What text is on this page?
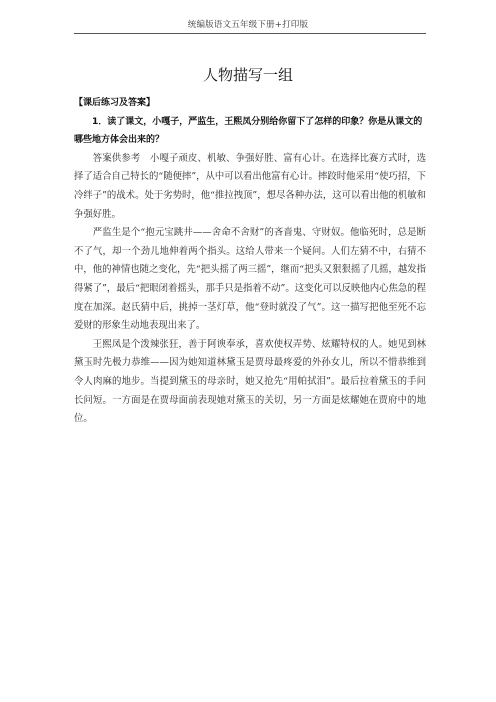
统编版语文五年级下册+打印版
人物描写一组

【课后练习及答案】

1．读了课文，小嘎子，严监生，王熙凤分别给你留下了怎样的印象？你是从课文的哪些地方体会出来的？

答案供参考　小嘎子顽皮、机敏、争强好胜、富有心计。在选择比赛方式时，选择了适合自己特长的“随便摔”，从中可以看出他富有心计。摔跤时他采用“使巧招，下冷绊子”的战术。处于劣势时，他“推拉拽顶”，想尽各种办法，这可以看出他的机敏和争强好胜。

严监生是个“抱元宝跳井——舍命不舍财”的吝啬鬼、守财奴。他临死时，总是断不了气，却一个劲儿地伸着两个指头。这给人带来一个疑问。人们左猜不中，右猜不中，他的神情也随之变化，先“把头摇了两三摇”，继而“把头又狠狠摇了几摇，越发指得紧了”，最后“把眼闭着摇头，那手只是指着不动”。这变化可以反映他内心焦急的程度在加深。赵氏猜中后，挑掉一茎灯草，他“登时就没了气”。这一描写把他至死不忘爱财的形象生动地表现出来了。

王熙凤是个泼辣张狂，善于阿谀奉承，喜欢使权弄势、炫耀特权的人。她见到林黛玉时先极力恭维——因为她知道林黛玉是贾母最疼爱的外孙女儿，所以不惜恭维到令人肉麻的地步。当提到黛玉的母亲时，她又抢先“用帕拭泪”。最后拉着黛玉的手问长问短。一方面是在贾母面前表现她对黛玉的关切，另一方面是炫耀她在贾府中的地位。
